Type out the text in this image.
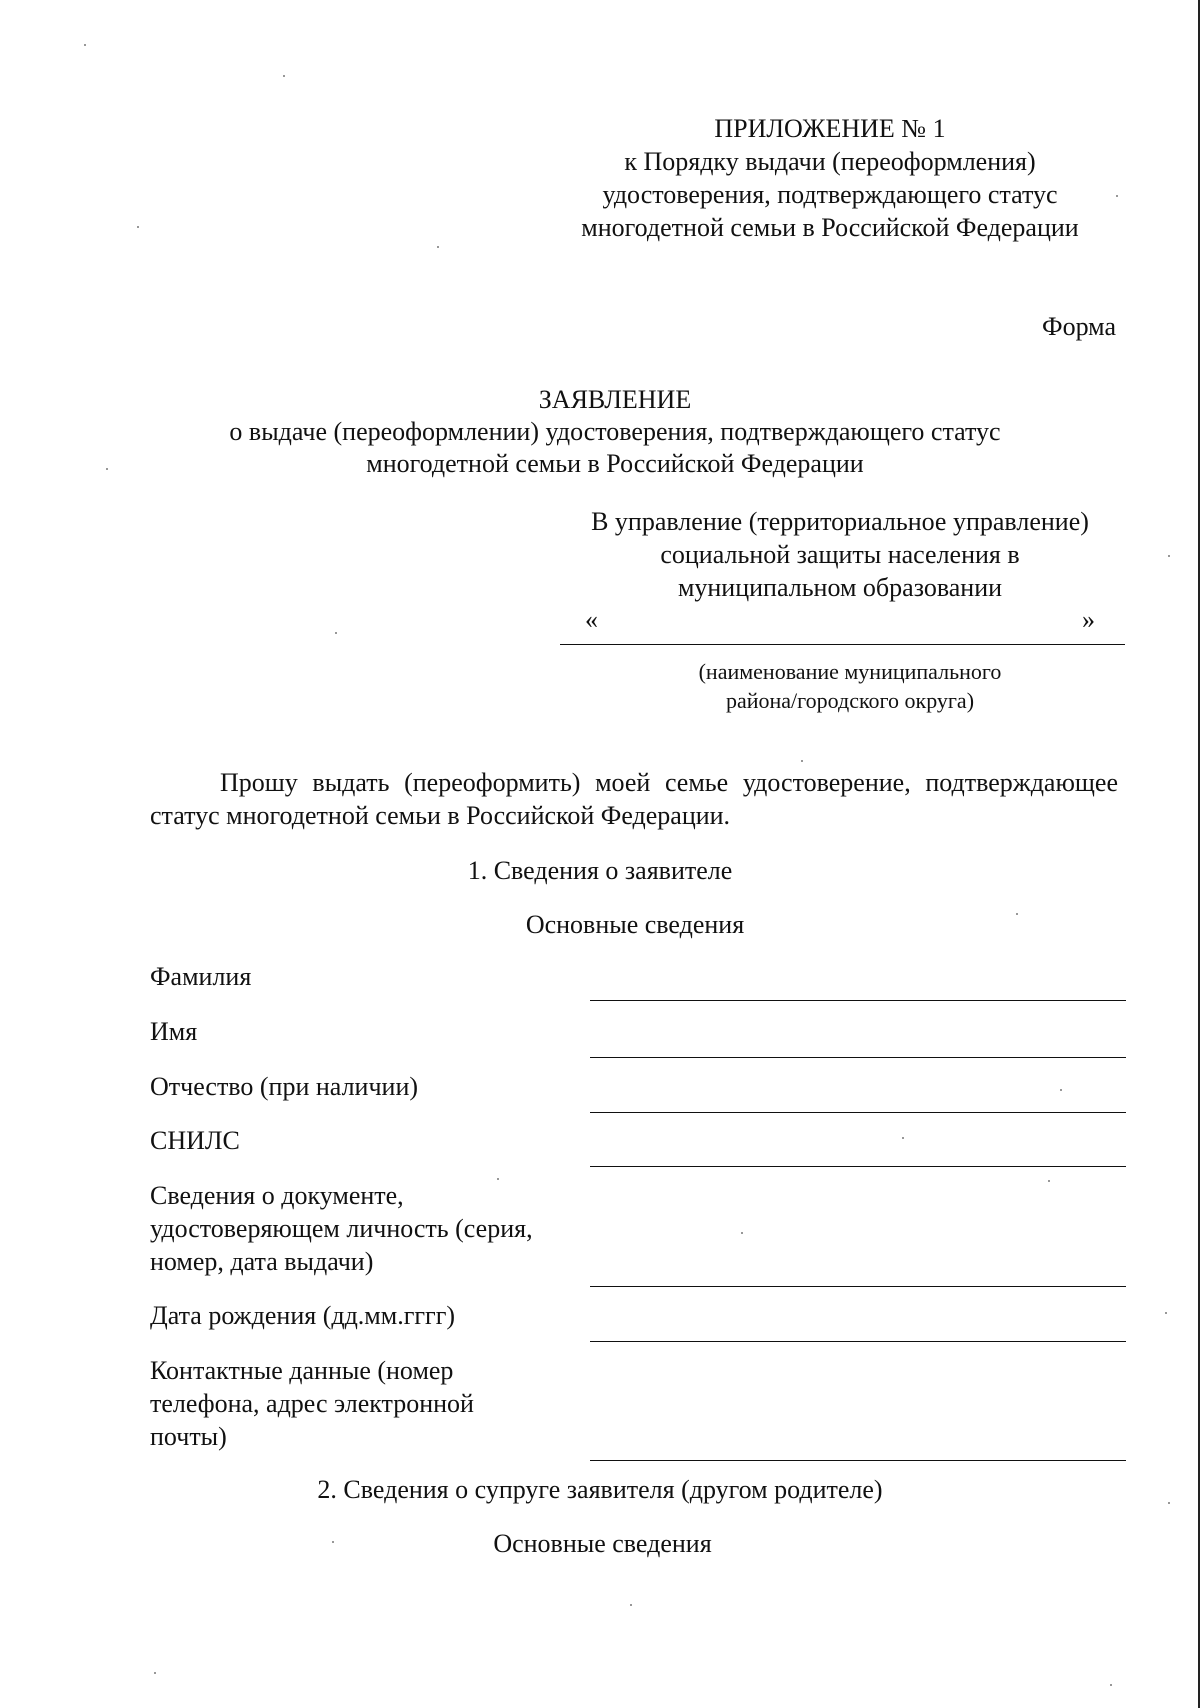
ПРИЛОЖЕНИЕ № 1
к Порядку выдачи (переоформления)
удостоверения, подтверждающего статус
многодетной семьи в Российской Федерации
Форма
ЗАЯВЛЕНИЕ
о выдаче (переоформлении) удостоверения, подтверждающего статус
многодетной семьи в Российской Федерации
В управление (территориальное управление)
социальной защиты населения в
муниципальном образовании
«	»
(наименование муниципального
района/городского округа)
Прошу выдать (переоформить) моей семье удостоверение, подтверждающее статус многодетной семьи в Российской Федерации.
1. Сведения о заявителе
Основные сведения
Фамилия
Имя
Отчество (при наличии)
СНИЛС
Сведения о документе,
удостоверяющем личность (серия,
номер, дата выдачи)
Дата рождения (дд.мм.гггг)
Контактные данные (номер
телефона, адрес электронной
почты)
2. Сведения о супруге заявителя (другом родителе)
Основные сведения
